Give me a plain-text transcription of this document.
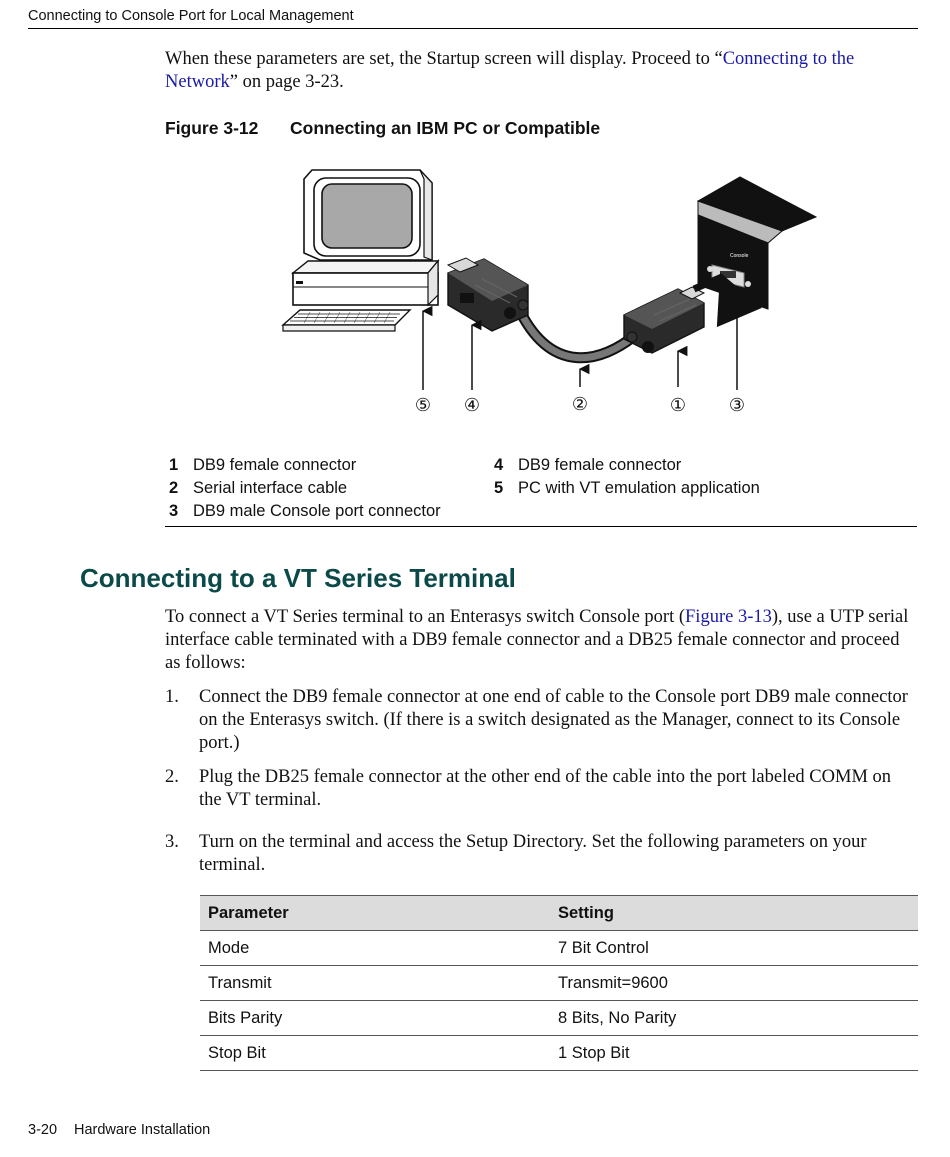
Connecting to Console Port for Local Management

When these parameters are set, the Startup screen will display. Proceed to “Connecting to the Network” on page 3-23.

Figure 3-12 Connecting an IBM PC or Compatible
Console
⑤ ④	②	① ③
1 DB9 female connector
2 Serial interface cable
3 DB9 male Console port connector
4 DB9 female connector
5 PC with VT emulation application
Connecting to a VT Series Terminal

To connect a VT Series terminal to an Enterasys switch Console port (Figure 3-13), use a UTP serial interface cable terminated with a DB9 female connector and a DB25 female connector and proceed as follows:

1. Connect the DB9 female connector at one end of cable to the Console port DB9 male connector on the Enterasys switch. (If there is a switch designated as the Manager, connect to its Console port.)
2. Plug the DB25 female connector at the other end of the cable into the port labeled COMM on the VT terminal.
3. Turn on the terminal and access the Setup Directory. Set the following parameters on your terminal.
Parameter	Setting
Mode	7 Bit Control
Transmit	Transmit=9600
Bits Parity	8 Bits, No Parity
Stop Bit	1 Stop Bit
3-20 Hardware Installation
